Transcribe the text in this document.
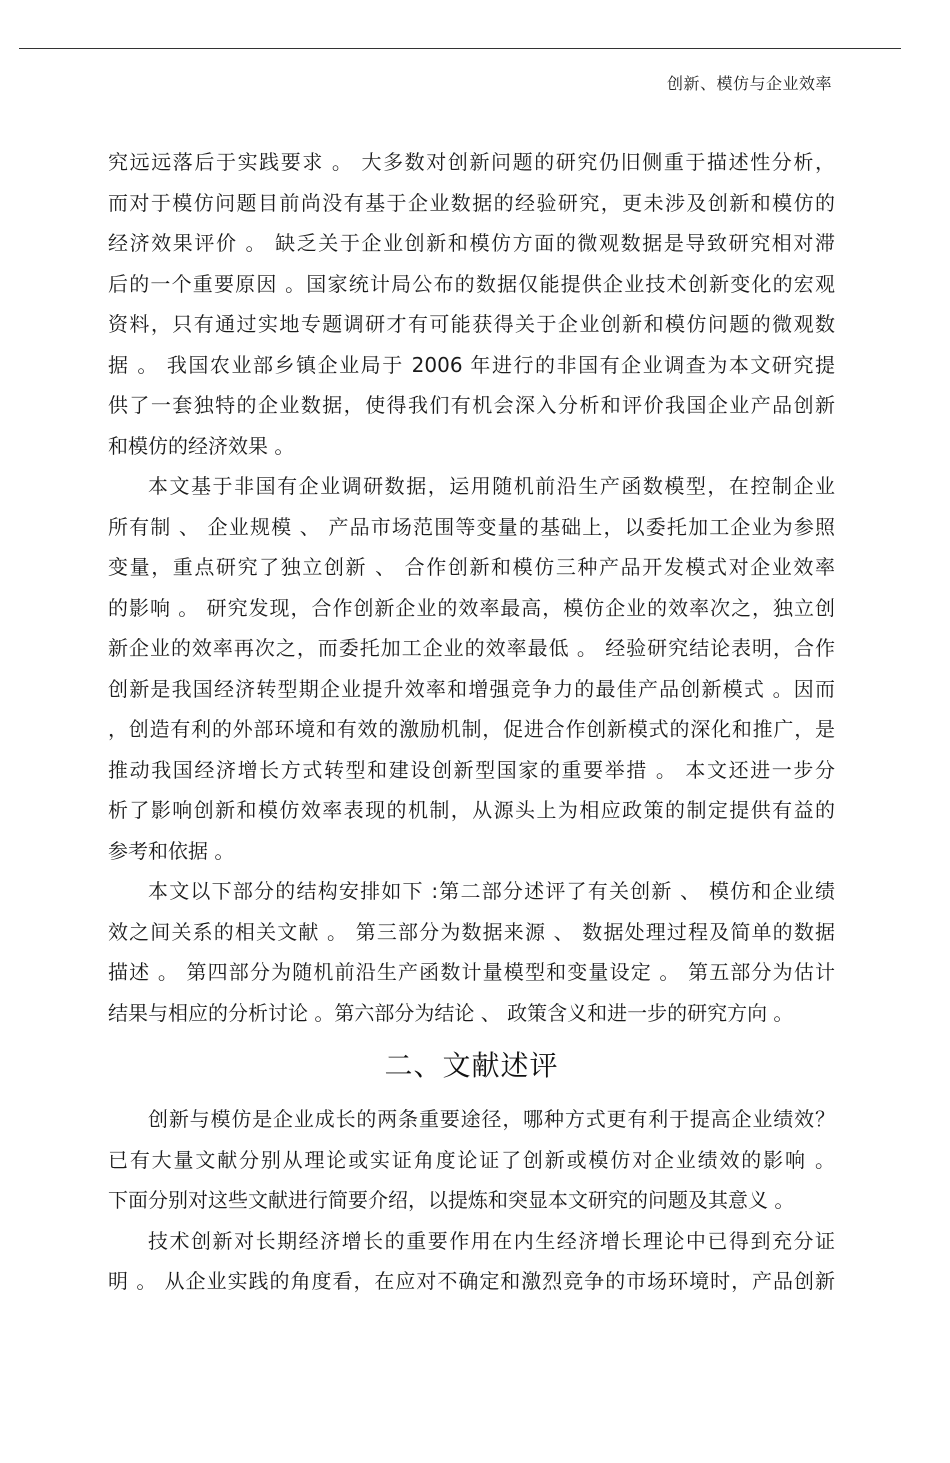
创新、模仿与企业效率
究远远落后于实践要求 。 大多数对创新问题的研究仍旧侧重于描述性分析，
而对于模仿问题目前尚没有基于企业数据的经验研究，更未涉及创新和模仿的
经济效果评价 。 缺乏关于企业创新和模仿方面的微观数据是导致研究相对滞
后的一个重要原因 。国家统计局公布的数据仅能提供企业技术创新变化的宏观
资料，只有通过实地专题调研才有可能获得关于企业创新和模仿问题的微观数
据 。 我国农业部乡镇企业局于 2006 年进行的非国有企业调查为本文研究提
供了一套独特的企业数据，使得我们有机会深入分析和评价我国企业产品创新
和模仿的经济效果 。
本文基于非国有企业调研数据，运用随机前沿生产函数模型，在控制企业
所有制 、 企业规模 、 产品市场范围等变量的基础上，以委托加工企业为参照
变量，重点研究了独立创新 、 合作创新和模仿三种产品开发模式对企业效率
的影响 。 研究发现，合作创新企业的效率最高，模仿企业的效率次之，独立创
新企业的效率再次之，而委托加工企业的效率最低 。 经验研究结论表明，合作
创新是我国经济转型期企业提升效率和增强竞争力的最佳产品创新模式 。因而
，创造有利的外部环境和有效的激励机制，促进合作创新模式的深化和推广，是
推动我国经济增长方式转型和建设创新型国家的重要举措 。 本文还进一步分
析了影响创新和模仿效率表现的机制，从源头上为相应政策的制定提供有益的
参考和依据 。
本文以下部分的结构安排如下 :第二部分述评了有关创新 、 模仿和企业绩
效之间关系的相关文献 。 第三部分为数据来源 、 数据处理过程及简单的数据
描述 。 第四部分为随机前沿生产函数计量模型和变量设定 。 第五部分为估计
结果与相应的分析讨论 。第六部分为结论 、 政策含义和进一步的研究方向 。
二、文献述评
创新与模仿是企业成长的两条重要途径，哪种方式更有利于提高企业绩效？
已有大量文献分别从理论或实证角度论证了创新或模仿对企业绩效的影响 。
下面分别对这些文献进行简要介绍，以提炼和突显本文研究的问题及其意义 。
技术创新对长期经济增长的重要作用在内生经济增长理论中已得到充分证
明 。 从企业实践的角度看，在应对不确定和激烈竞争的市场环境时，产品创新
